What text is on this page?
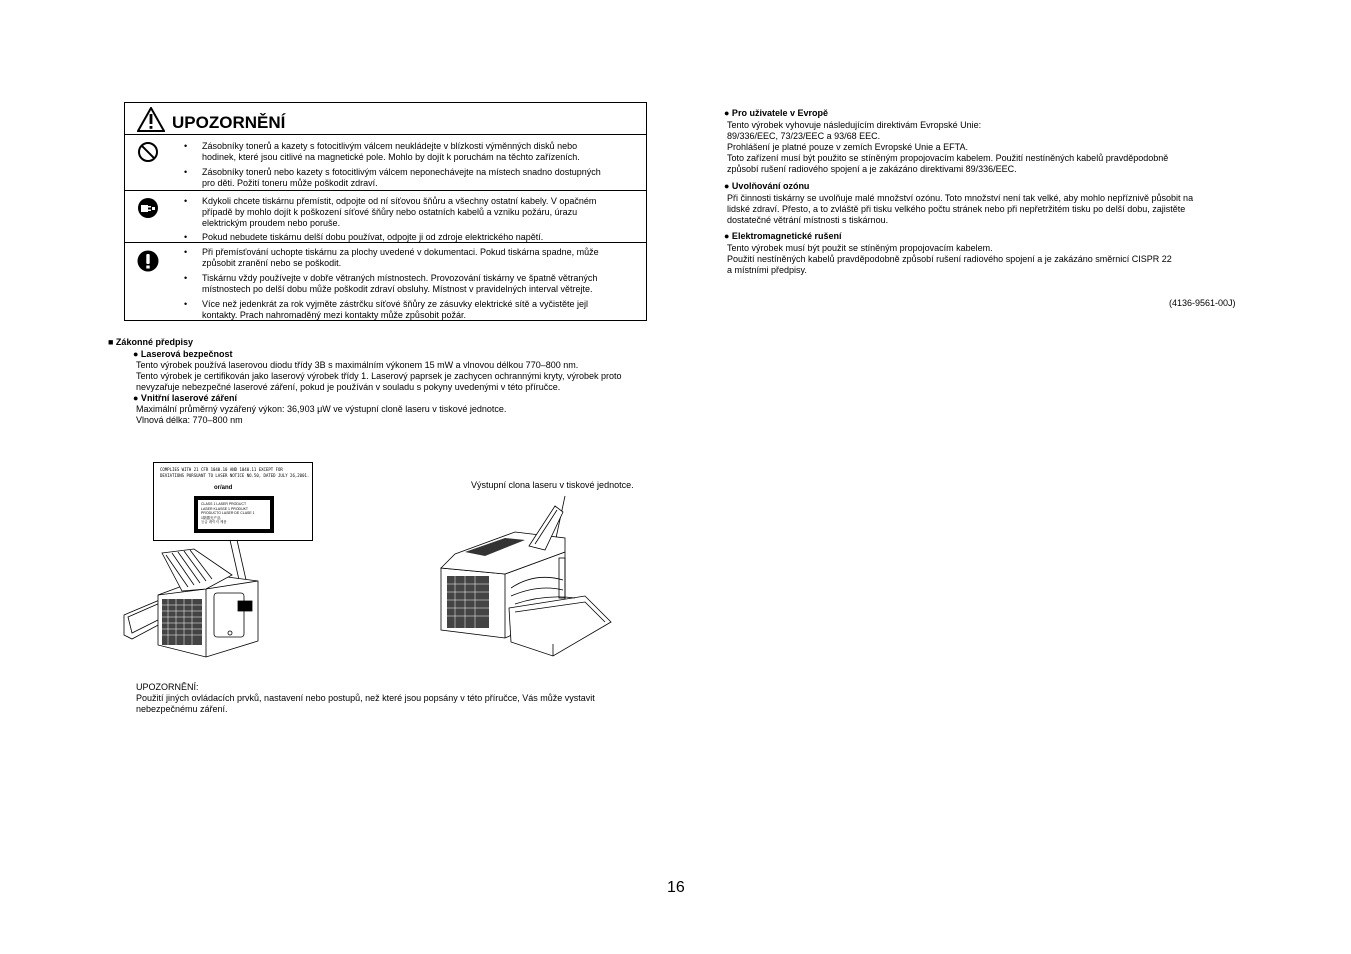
UPOZORNĚNÍ
• Zásobníky tonerů a kazety s fotocitlivým válcem neukládejte v blízkosti výměnných disků nebo
hodinek, které jsou citlivé na magnetické pole. Mohlo by dojít k poruchám na těchto zařízeních.
• Zásobníky tonerů nebo kazety s fotocitlivým válcem neponechávejte na místech snadno dostupných
pro děti. Požití toneru může poškodit zdraví.
• Kdykoli chcete tiskárnu přemístit, odpojte od ní síťovou šňůru a všechny ostatní kabely. V opačném
případě by mohlo dojít k poškození síťové šňůry nebo ostatních kabelů a vzniku požáru, úrazu
elektrickým proudem nebo poruše.
• Pokud nebudete tiskárnu delší dobu používat, odpojte ji od zdroje elektrického napětí.
• Při přemísťování uchopte tiskárnu za plochy uvedené v dokumentaci. Pokud tiskárna spadne, může
způsobit zranění nebo se poškodit.
• Tiskárnu vždy používejte v dobře větraných místnostech. Provozování tiskárny ve špatně větraných
místnostech po delší dobu může poškodit zdraví obsluhy. Místnost v pravidelných interval větrejte.
• Více než jedenkrát za rok vyjměte zástrčku síťové šňůry ze zásuvky elektrické sítě a vyčistěte jejl
kontakty. Prach nahromaděný mezi kontakty může způsobit požár.
■ Zákonné předpisy
● Laserová bezpečnost
Tento výrobek používá laserovou diodu třídy 3B s maximálním výkonem 15 mW a vlnovou délkou 770–800 nm.
Tento výrobek je certifikován jako laserový výrobek třídy 1. Laserový paprsek je zachycen ochrannými kryty, výrobek proto
nevyzařuje nebezpečné laserové záření, pokud je používán v souladu s pokyny uvedenými v této příručce.
● Vnitřní laserové záření
Maximální průměrný vyzářený výkon: 36,903 μW ve výstupní cloně laseru v tiskové jednotce.
Vlnová délka: 770–800 nm
COMPLIES WITH 21 CFR 1040.10 AND 1040.11 EXCEPT FOR
DEVIATIONS PURSUANT TO LASER NOTICE NO.50, DATED JULY 26,2001.
or/and
CLASS 1 LASER PRODUCT
LASER KLASSE 1 PRODUKT
PRODUCTO LASER DE CLASE 1
1類激光产品
등급 레이저 제품
Výstupní clona laseru v tiskové jednotce.
UPOZORNĚNÍ:
Použití jiných ovládacích prvků, nastavení nebo postupů, než které jsou popsány v této příručce, Vás může vystavit
nebezpečnému záření.
● Pro uživatele v Evropě
Tento výrobek vyhovuje následujícím direktivám Evropské Unie:
89/336/EEC, 73/23/EEC a 93/68 EEC.
Prohlášení je platné pouze v zemích Evropské Unie a EFTA.
Toto zařízení musí být použito se stíněným propojovacím kabelem. Použití nestíněných kabelů pravděpodobně
způsobí rušení radiového spojení a je zakázáno direktivami 89/336/EEC.
● Uvolňování ozónu
Při činnosti tiskárny se uvolňuje malé množství ozónu. Toto množství není tak velké, aby mohlo nepříznivě působit na
lidské zdraví. Přesto, a to zvláště při tisku velkého počtu stránek nebo při nepřetržitém tisku po delší dobu, zajistěte
dostatečné větrání místnosti s tiskárnou.
● Elektromagnetické rušení
Tento výrobek musí být použit se stíněným propojovacím kabelem.
Použití nestíněných kabelů pravděpodobně způsobí rušení radiového spojení a je zakázáno směrnicí CISPR 22
a místními předpisy.
(4136-9561-00J)
16
